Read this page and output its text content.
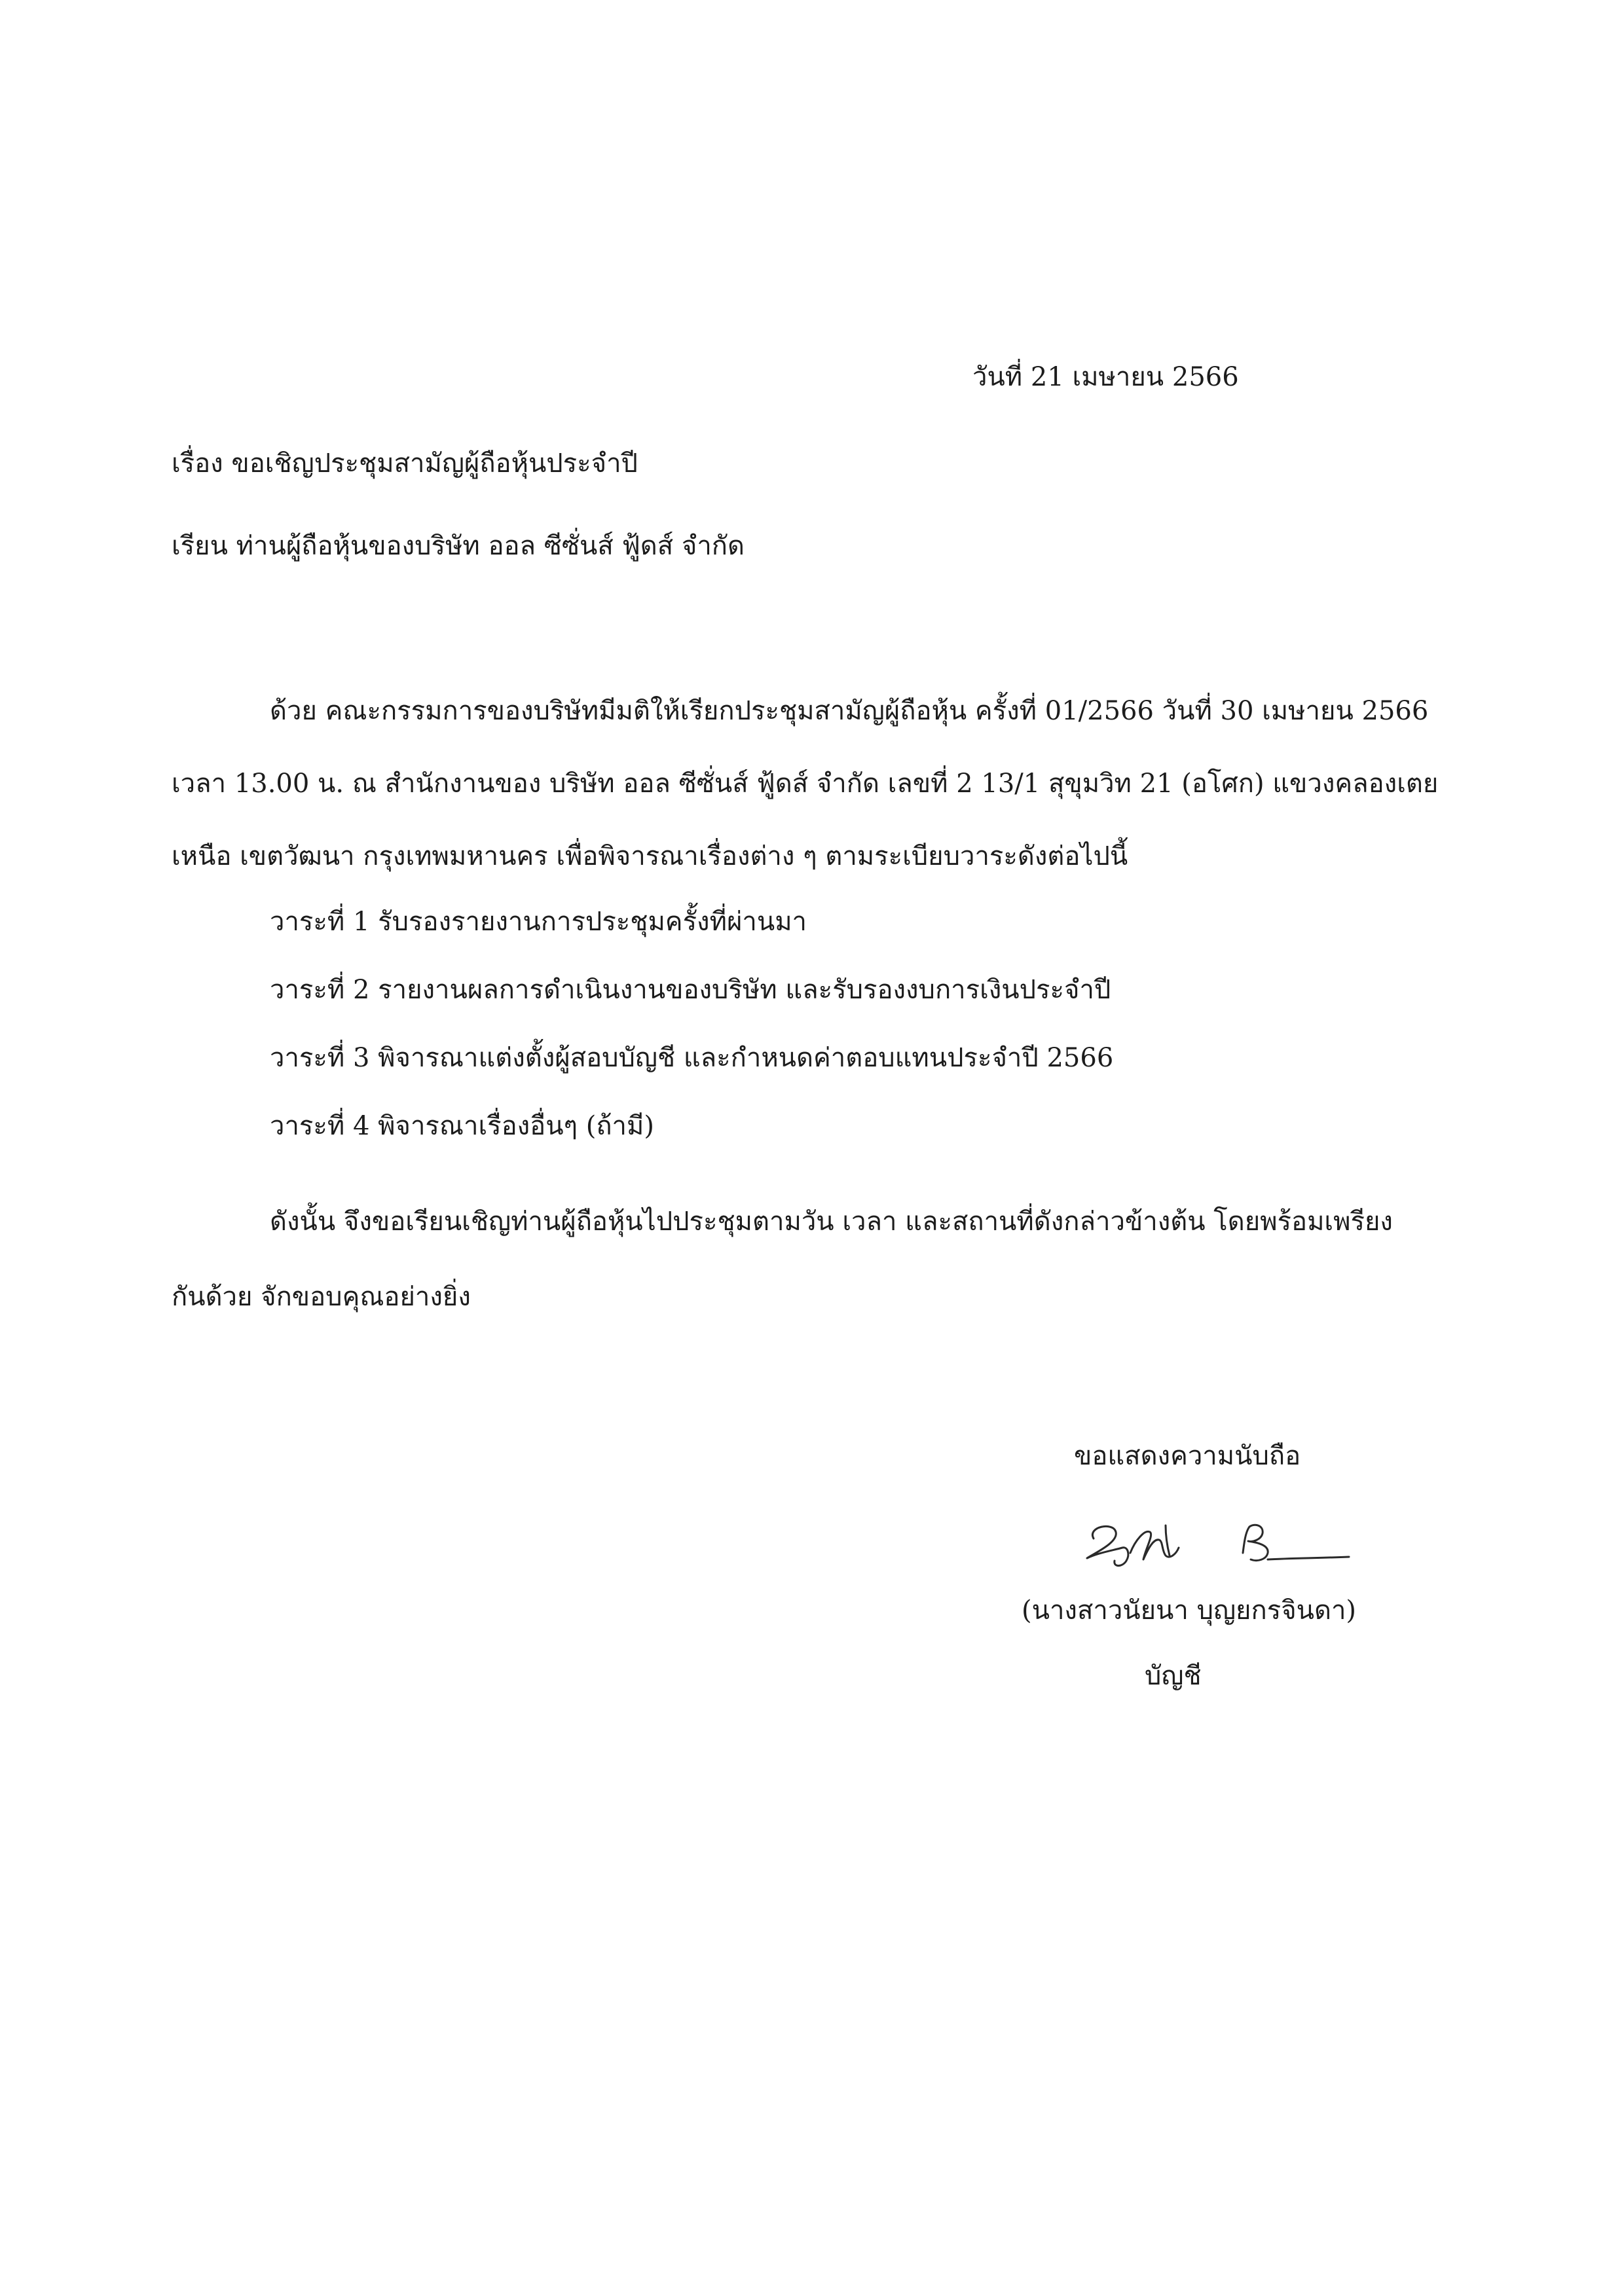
วันที่ 21 เมษายน 2566
เรื่อง ขอเชิญประชุมสามัญผู้ถือหุ้นประจำปี
เรียน ท่านผู้ถือหุ้นของบริษัท ออล ซีซั่นส์ ฟู้ดส์ จำกัด
ด้วย คณะกรรมการของบริษัทมีมติให้เรียกประชุมสามัญผู้ถือหุ้น ครั้งที่ 01/2566 วันที่ 30 เมษายน 2566
เวลา 13.00 น. ณ สำนักงานของ บริษัท ออล ซีซั่นส์ ฟู้ดส์ จำกัด เลขที่ 2 13/1 สุขุมวิท 21 (อโศก) แขวงคลองเตย
เหนือ เขตวัฒนา กรุงเทพมหานคร เพื่อพิจารณาเรื่องต่าง ๆ ตามระเบียบวาระดังต่อไปนี้
วาระที่ 1 รับรองรายงานการประชุมครั้งที่ผ่านมา
วาระที่ 2 รายงานผลการดำเนินงานของบริษัท และรับรองงบการเงินประจำปี
วาระที่ 3 พิจารณาแต่งตั้งผู้สอบบัญชี และกำหนดค่าตอบแทนประจำปี 2566
วาระที่ 4 พิจารณาเรื่องอื่นๆ (ถ้ามี)
ดังนั้น จึงขอเรียนเชิญท่านผู้ถือหุ้นไปประชุมตามวัน เวลา และสถานที่ดังกล่าวข้างต้น โดยพร้อมเพรียง
กันด้วย จักขอบคุณอย่างยิ่ง
ขอแสดงความนับถือ
(นางสาวนัยนา บุญยกรจินดา)
บัญชี
